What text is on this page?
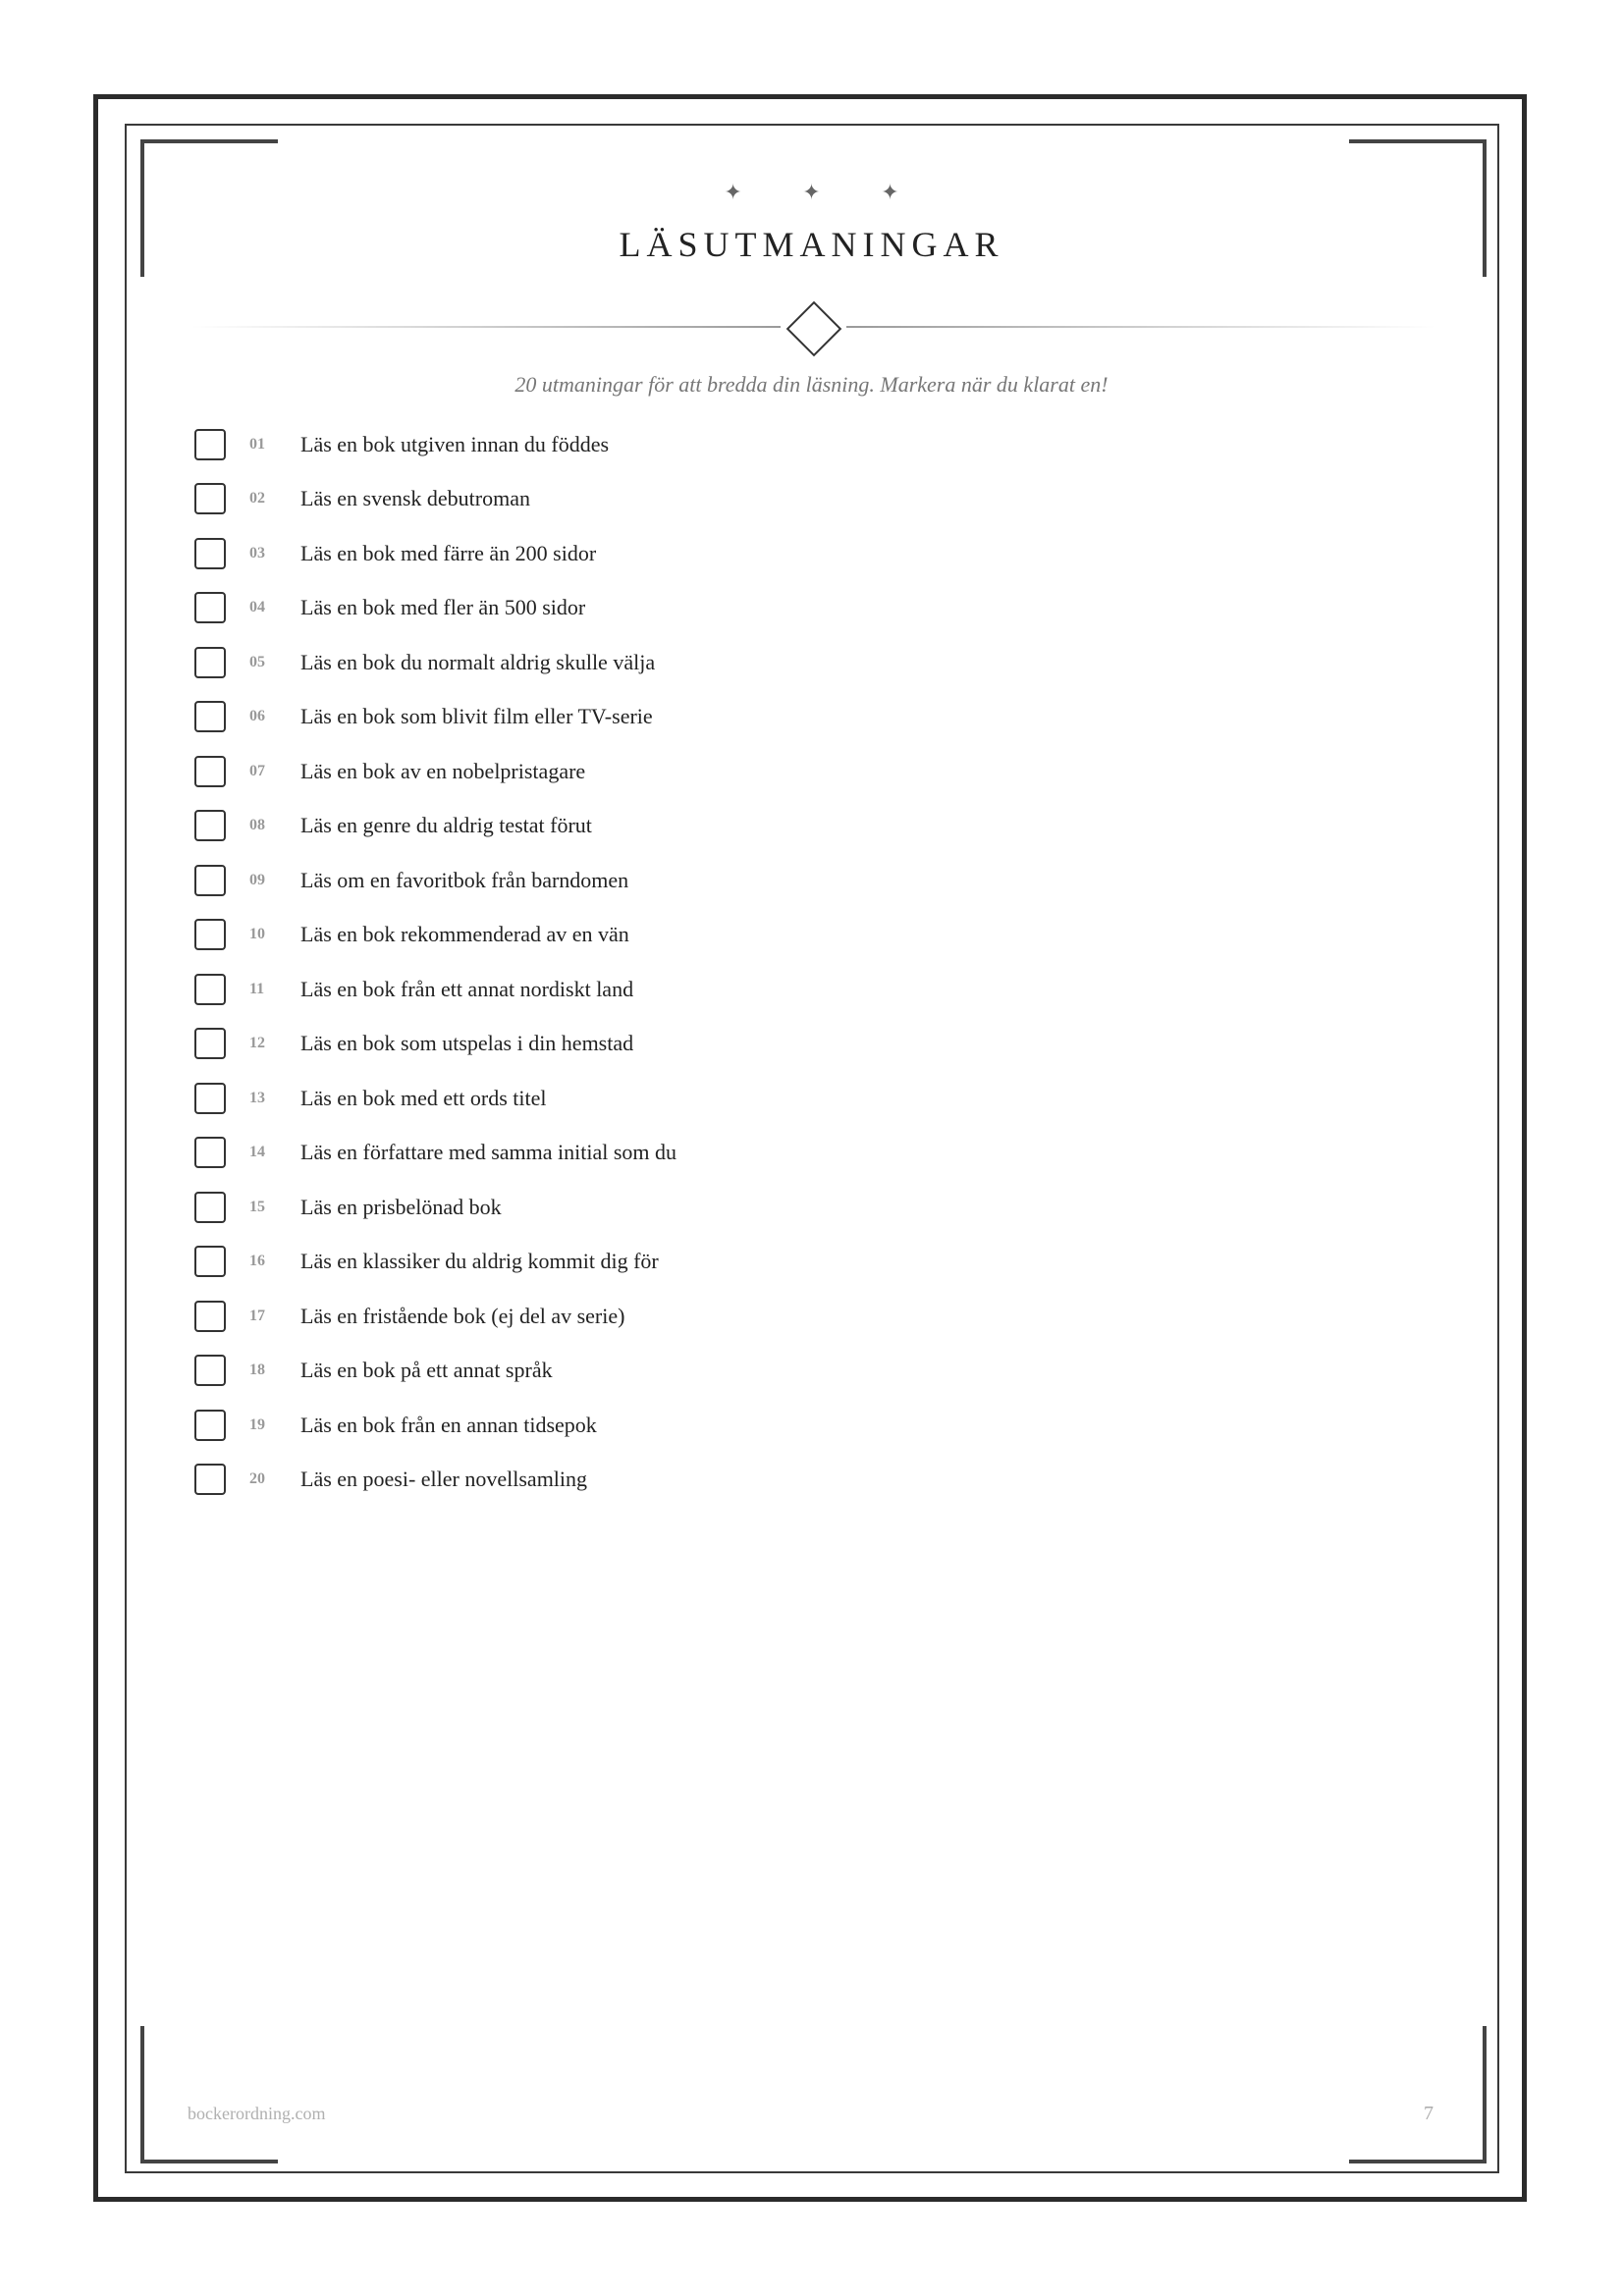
✦ ✦ ✦
LÄSUTMANINGAR
20 utmaningar för att bredda din läsning. Markera när du klarat en!
01	Läs en bok utgiven innan du föddes
02	Läs en svensk debutroman
03	Läs en bok med färre än 200 sidor
04	Läs en bok med fler än 500 sidor
05	Läs en bok du normalt aldrig skulle välja
06	Läs en bok som blivit film eller TV-serie
07	Läs en bok av en nobelpristagare
08	Läs en genre du aldrig testat förut
09	Läs om en favoritbok från barndomen
10	Läs en bok rekommenderad av en vän
11	Läs en bok från ett annat nordiskt land
12	Läs en bok som utspelas i din hemstad
13	Läs en bok med ett ords titel
14	Läs en författare med samma initial som du
15	Läs en prisbelönad bok
16	Läs en klassiker du aldrig kommit dig för
17	Läs en fristående bok (ej del av serie)
18	Läs en bok på ett annat språk
19	Läs en bok från en annan tidsepok
20	Läs en poesi- eller novellsamling
bockerordning.com	7
